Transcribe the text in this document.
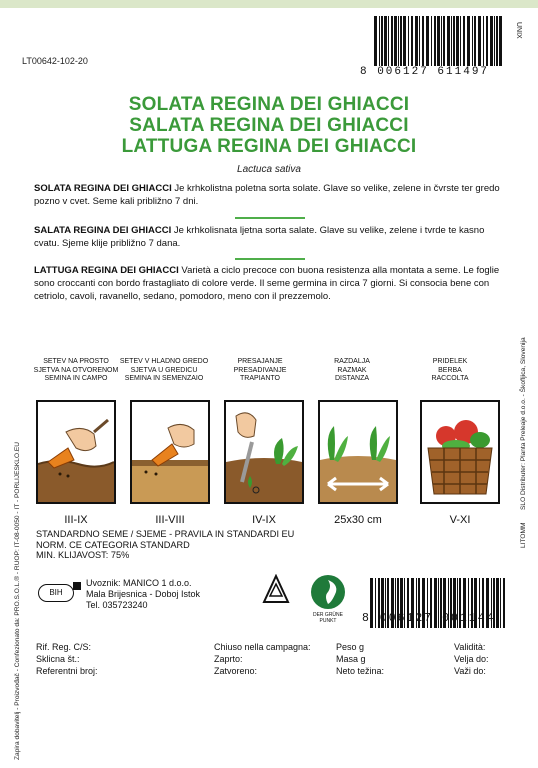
LT00642-102-20
8 006127 611497
UNIX
SOLATA REGINA DEI GHIACCI
SALATA REGINA DEI GHIACCI
LATTUGA REGINA DEI GHIACCI
Lactuca sativa
SOLATA REGINA DEI GHIACCI Je krhkolistna poletna sorta solate. Glave so velike, zelene in čvrste ter gredo pozno v cvet. Seme kali približno 7 dni.
SALATA REGINA DEI GHIACCI Je krhkolisnata ljetna sorta salate. Glave su velike, zelene i tvrde te kasno cvatu. Sjeme klije približno 7 dana.
LATTUGA REGINA DEI GHIACCI Varietà a ciclo precoce con buona resistenza alla montata a seme. Le foglie sono croccanti con bordo frastagliato di colore verde. Il seme germina in circa 7 giorni. Si consocia bene con cetriolo, cavoli, ravanello, sedano, pomodoro, meno con il prezzemolo.
Zapira dobavitelj - Proizvođač - Confezionato da: PRO.S.O.L.® - RUOP: IT-08-0050 - IT - PORLIJESKLO.EU
SLO Distributer: Planta Preleaje d.o.o. - Škofljica, Slovenija
LITOMM
SETEV NA PROSTO
SJETVA NA OTVORENOM
SEMINA IN CAMPO
SETEV V HLADNO GREDO
SJETVA U GREDICU
SEMINA IN SEMENZAIO
PRESAJANJE
PRESADIVANJE
TRAPIANTO
RAZDALJA
RAZMAK
DISTANZA
PRIDELEK
BERBA
RACCOLTA
III-IX	III-VIII	IV-IX	25x30 cm	V-XI
STANDARDNO SEME / SJEME - PRAVILA IN STANDARDI EU
NORM. CE CATEGORIA STANDARD
MIN. KLIJAVOST: 75%
BIH
Uvoznik: MANICO 1 d.o.o.
Mala Brijesnica - Doboj Istok
Tel. 035723240
DER GRÜNE PUNKT	8 006127 001144
Rif. Reg. C/S:
Sklicna št.:
Referentni broj:
Chiuso nella campagna:
Zaprto:
Zatvoreno:
Peso g
Masa g
Neto težina:
Validità:
Velja do:
Važi do:
